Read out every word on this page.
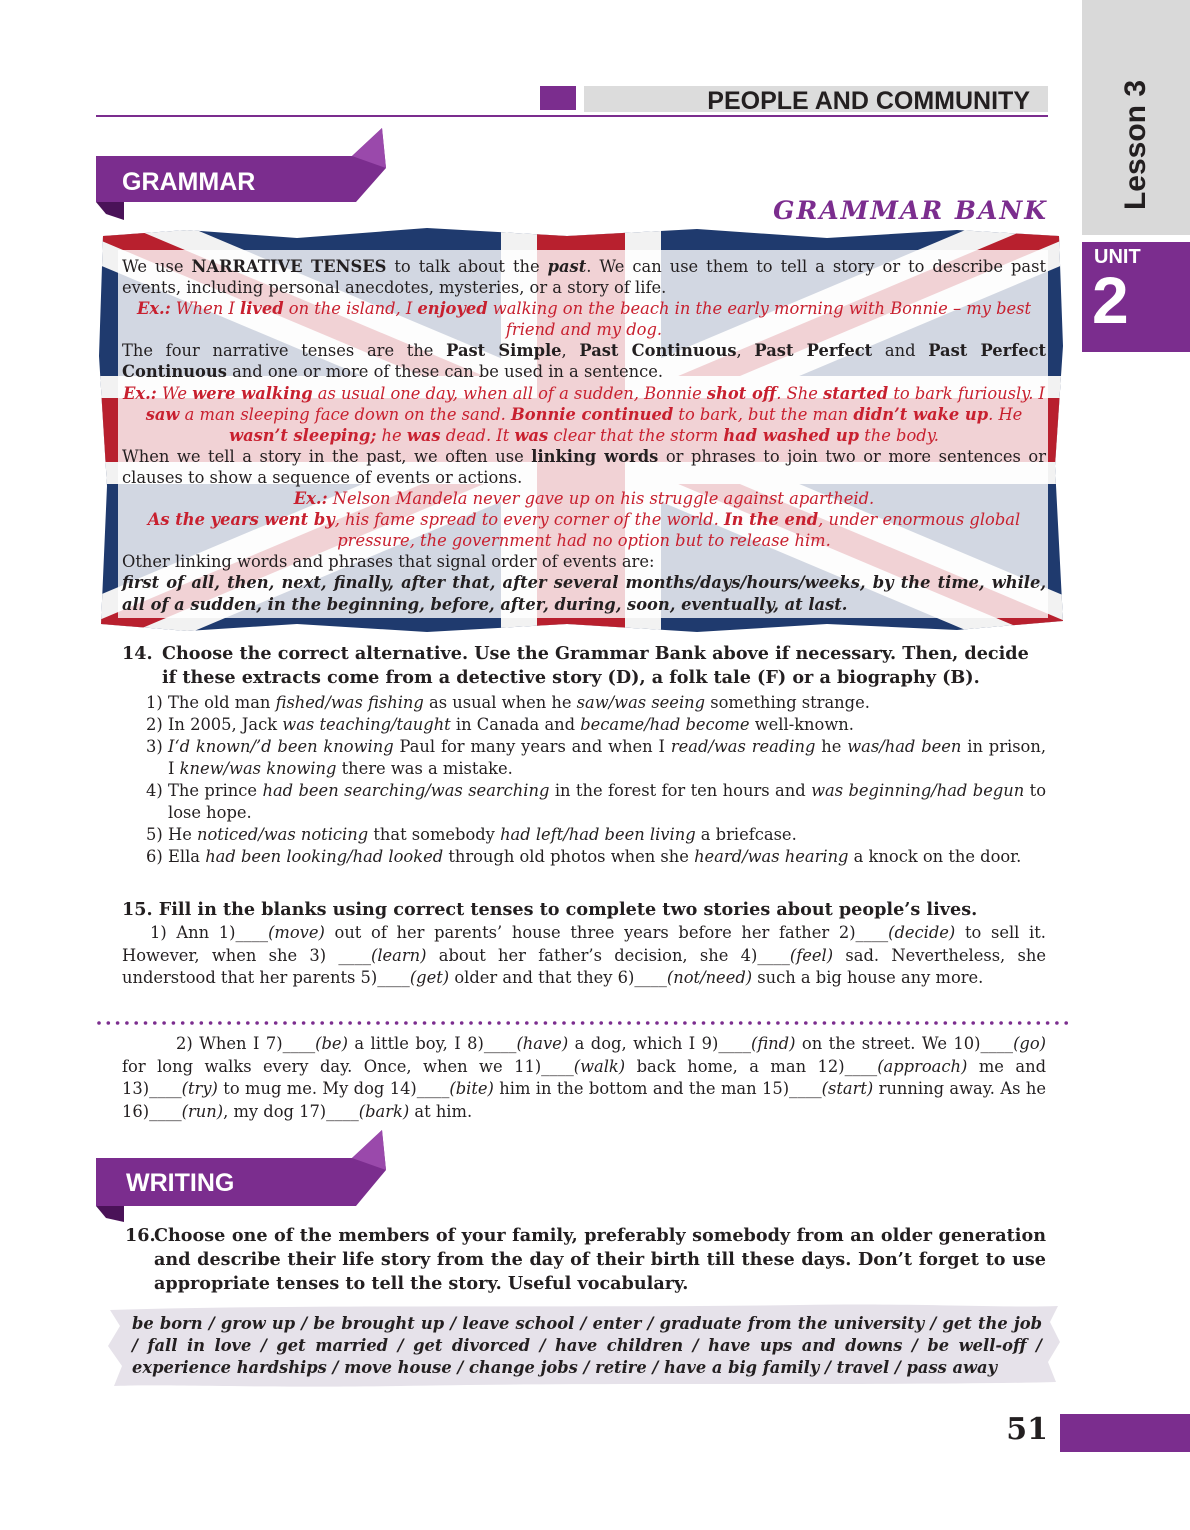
Lesson 3
UNIT
2
PEOPLE AND COMMUNITY
GRAMMAR
GRAMMAR BANK

We use NARRATIVE TENSES to talk about the past. We can use them to tell a story or to describe past events, including personal anecdotes, mysteries, or a story of life.

Ex.: When I lived on the island, I enjoyed walking on the beach in the early morning with Bonnie – my best friend and my dog.

The four narrative tenses are the Past Simple, Past Continuous, Past Perfect and Past Perfect Continuous and one or more of these can be used in a sentence.

Ex.: We were walking as usual one day, when all of a sudden, Bonnie shot off. She started to bark furiously. I saw a man sleeping face down on the sand. Bonnie continued to bark, but the man didn’t wake up. He wasn’t sleeping; he was dead. It was clear that the storm had washed up the body.

When we tell a story in the past, we often use linking words or phrases to join two or more sentences or clauses to show a sequence of events or actions.

Ex.: Nelson Mandela never gave up on his struggle against apartheid.
As the years went by, his fame spread to every corner of the world. In the end, under enormous global pressure, the government had no option but to release him.

Other linking words and phrases that signal order of events are:

first of all, then, next, finally, after that, after several months/days/hours/weeks, by the time, while, all of a sudden, in the beginning, before, after, during, soon, eventually, at last.

14. Choose the correct alternative. Use the Grammar Bank above if necessary. Then, decide if these extracts come from a detective story (D), a folk tale (F) or a biography (B).
1) The old man fished/was fishing as usual when he saw/was seeing something strange.
2) In 2005, Jack was teaching/taught in Canada and became/had become well-known.
3) I‘d known/’d been knowing Paul for many years and when I read/was reading he was/had been in prison, I knew/was knowing there was a mistake.
4) The prince had been searching/was searching in the forest for ten hours and was beginning/had begun to lose hope.
5) He noticed/was noticing that somebody had left/had been living a briefcase.
6) Ella had been looking/had looked through old photos when she heard/was hearing a knock on the door.
15. Fill in the blanks using correct tenses to complete two stories about people’s lives.
1) Ann 1)____(move) out of her parents’ house three years before her father 2)____(decide) to sell it. However, when she 3) ____(learn) about her father’s decision, she 4)____(feel) sad. Nevertheless, she understood that her parents 5)____(get) older and that they 6)____(not/need) such a big house any more.
2) When I 7)____(be) a little boy, I 8)____(have) a dog, which I 9)____(find) on the street. We 10)____(go) for long walks every day. Once, when we 11)____(walk) back home, a man 12)____(approach) me and 13)____(try) to mug me. My dog 14)____(bite) him in the bottom and the man 15)____(start) running away. As he 16)____(run), my dog 17)____(bark) at him.
WRITING
16.
Choose one of the members of your family, preferably somebody from an older generation and describe their life story from the day of their birth till these days. Don’t forget to use appropriate tenses to tell the story. Useful vocabulary.
be born / grow up / be brought up / leave school / enter / graduate from the university / get the job / fall in love / get married / get divorced / have children / have ups and downs / be well-off / experience hardships / move house / change jobs / retire / have a big family / travel / pass away
51
